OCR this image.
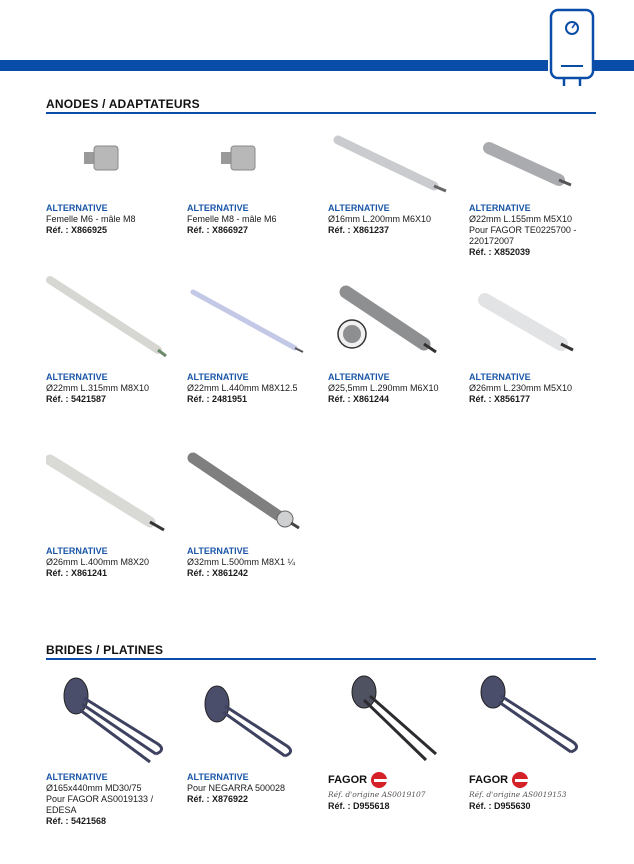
ANODES / ADAPTATEURS
BRIDES / PLATINES
ALTERNATIVE
Femelle M6 - mâle M8
Réf. : X866925
ALTERNATIVE
Femelle M8 - mâle M6
Réf. : X866927
ALTERNATIVE
Ø16mm L.200mm M6X10
Réf. : X861237
ALTERNATIVE
Ø22mm L.155mm M5X10
Pour FAGOR TE0225700 -
220172007
Réf. : X852039
ALTERNATIVE
Ø22mm L.315mm M8X10
Réf. : 5421587
ALTERNATIVE
Ø22mm L.440mm M8X12.5
Réf. : 2481951
ALTERNATIVE
Ø25,5mm L.290mm M6X10
Réf. : X861244
ALTERNATIVE
Ø26mm L.230mm M5X10
Réf. : X856177
ALTERNATIVE
Ø26mm L.400mm M8X20
Réf. : X861241
ALTERNATIVE
Ø32mm L.500mm M8X1 ¼
Réf. : X861242
ALTERNATIVE
Ø165x440mm MD30/75
Pour FAGOR AS0019133 /
EDESA
Réf. : 5421568
ALTERNATIVE
Pour NEGARRA 500028
Réf. : X876922
FAGOR
Réf. d'origine AS0019107
Réf. : D955618
FAGOR
Réf. d'origine AS0019153
Réf. : D955630
